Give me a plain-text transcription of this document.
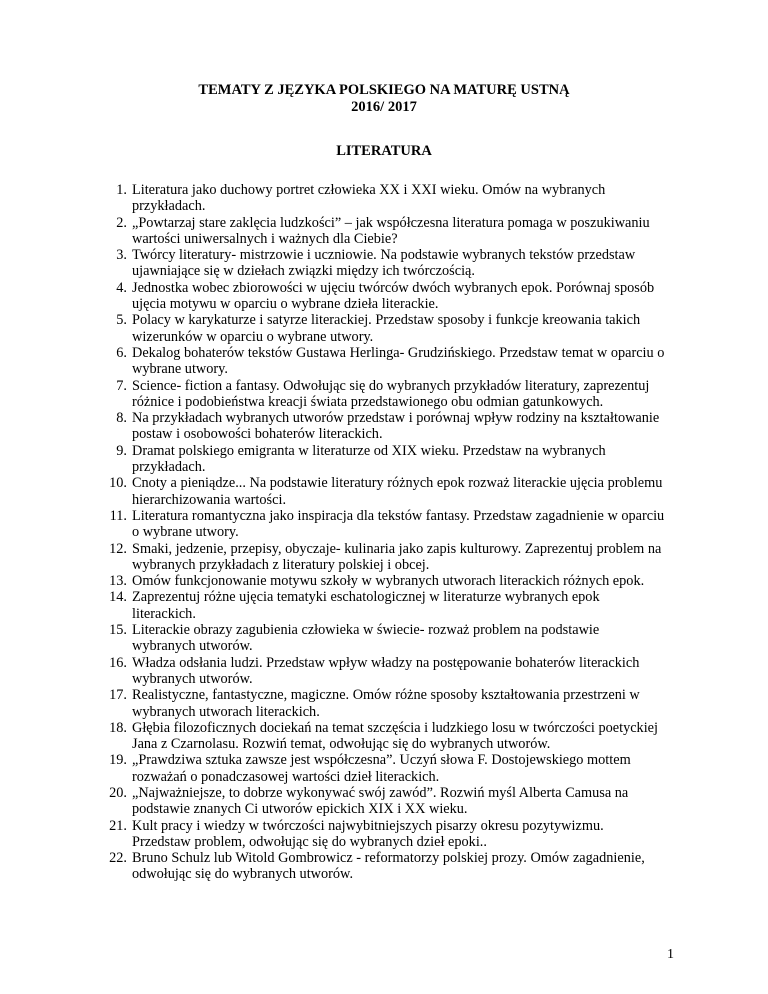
TEMATY Z JĘZYKA POLSKIEGO NA MATURĘ USTNĄ
2016/ 2017
LITERATURA
1. Literatura jako duchowy portret człowieka XX i XXI wieku. Omów na wybranych przykładach.
2. „Powtarzaj stare zaklęcia ludzkości” – jak współczesna literatura pomaga w poszukiwaniu wartości uniwersalnych i ważnych dla Ciebie?
3. Twórcy literatury- mistrzowie i uczniowie. Na podstawie wybranych tekstów przedstaw ujawniające się w dziełach związki między ich twórczością.
4. Jednostka wobec zbiorowości w ujęciu twórców dwóch wybranych epok. Porównaj sposób ujęcia motywu w oparciu o wybrane dzieła literackie.
5. Polacy w karykaturze i satyrze literackiej. Przedstaw sposoby i funkcje kreowania takich wizerunków w oparciu o wybrane utwory.
6. Dekalog bohaterów tekstów Gustawa Herlinga- Grudzińskiego. Przedstaw temat w oparciu o wybrane utwory.
7. Science- fiction a fantasy. Odwołując się do wybranych przykładów literatury, zaprezentuj różnice i podobieństwa kreacji świata przedstawionego obu odmian gatunkowych.
8. Na przykładach wybranych utworów przedstaw i porównaj wpływ rodziny na kształtowanie postaw i osobowości bohaterów literackich.
9. Dramat polskiego emigranta w literaturze od XIX wieku. Przedstaw na wybranych przykładach.
10. Cnoty a pieniądze... Na podstawie literatury różnych epok rozważ literackie ujęcia problemu hierarchizowania wartości.
11. Literatura romantyczna jako inspiracja dla tekstów fantasy. Przedstaw zagadnienie w oparciu o wybrane utwory.
12. Smaki, jedzenie, przepisy, obyczaje- kulinaria jako zapis kulturowy. Zaprezentuj problem na wybranych przykładach z literatury polskiej i obcej.
13. Omów funkcjonowanie motywu szkoły w wybranych utworach literackich różnych epok.
14. Zaprezentuj różne ujęcia tematyki eschatologicznej w literaturze wybranych epok literackich.
15. Literackie obrazy zagubienia człowieka w świecie- rozważ problem na podstawie wybranych utworów.
16. Władza odsłania ludzi. Przedstaw wpływ władzy na postępowanie bohaterów literackich wybranych utworów.
17. Realistyczne, fantastyczne, magiczne. Omów różne sposoby kształtowania przestrzeni w wybranych utworach literackich.
18. Głębia filozoficznych dociekań na temat szczęścia i ludzkiego losu w twórczości poetyckiej Jana z Czarnolasu. Rozwiń temat, odwołując się do wybranych utworów.
19. „Prawdziwa sztuka zawsze jest współczesna”. Uczyń słowa F. Dostojewskiego mottem rozważań o ponadczasowej wartości dzieł literackich.
20. „Najważniejsze, to dobrze wykonywać swój zawód”. Rozwiń myśl Alberta Camusa na podstawie znanych Ci utworów epickich XIX i XX wieku.
21. Kult pracy i wiedzy w twórczości najwybitniejszych pisarzy okresu pozytywizmu. Przedstaw problem, odwołując się do wybranych dzieł epoki..
22. Bruno Schulz lub Witold Gombrowicz - reformatorzy polskiej prozy. Omów zagadnienie, odwołując się do wybranych utworów.
1
